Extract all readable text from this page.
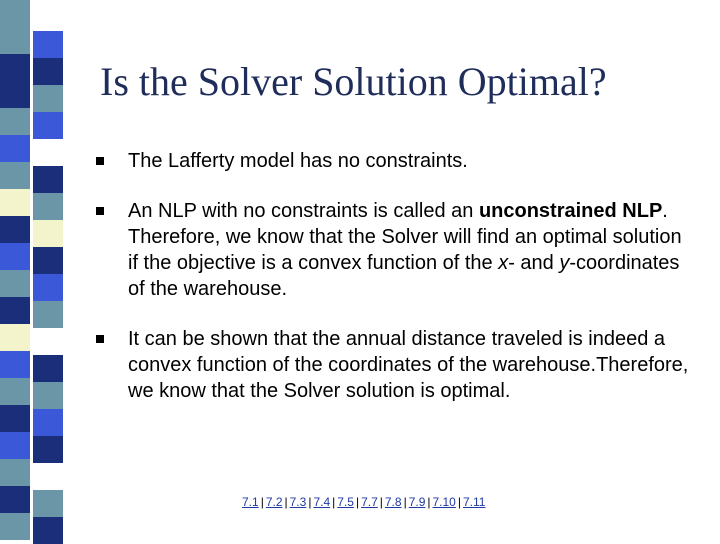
Is the Solver Solution Optimal?
The Lafferty model has no constraints.
An NLP with no constraints is called an unconstrained NLP. Therefore, we know that the Solver will find an optimal solution if the objective is a convex function of the x- and y-coordinates of the warehouse.
It can be shown that the annual distance traveled is indeed a convex function of the coordinates of the warehouse.Therefore, we know that the Solver solution is optimal.
7.1 | 7.2 | 7.3 | 7.4 | 7.5 | 7.7 | 7.8 | 7.9 | 7.10 | 7.11
